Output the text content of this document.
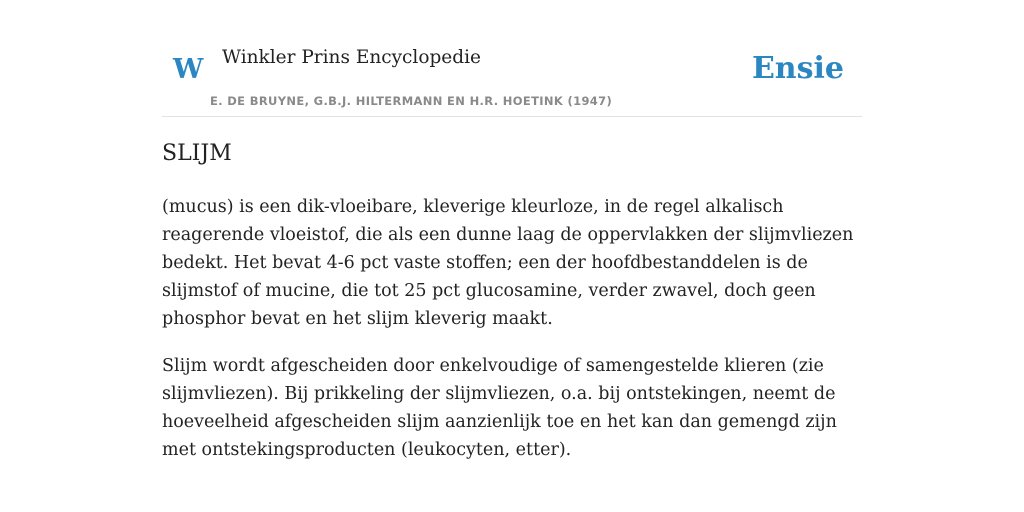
W Winkler Prins Encyclopedie
E. DE BRUYNE, G.B.J. HILTERMANN EN H.R. HOETINK (1947)
Ensie
SLIJM

(mucus) is een dik-vloeibare, kleverige kleurloze, in de regel alkalisch reagerende vloeistof, die als een dunne laag de oppervlakken der slijmvliezen bedekt. Het bevat 4-6 pct vaste stoffen; een der hoofdbestanddelen is de slijmstof of mucine, die tot 25 pct glucosamine, verder zwavel, doch geen phosphor bevat en het slijm kleverig maakt.

Slijm wordt afgescheiden door enkelvoudige of samengestelde klieren (zie slijmvliezen). Bij prikkeling der slijmvliezen, o.a. bij ontstekingen, neemt de hoeveelheid afgescheiden slijm aanzienlijk toe en het kan dan gemengd zijn met ontstekingsproducten (leukocyten, etter).
